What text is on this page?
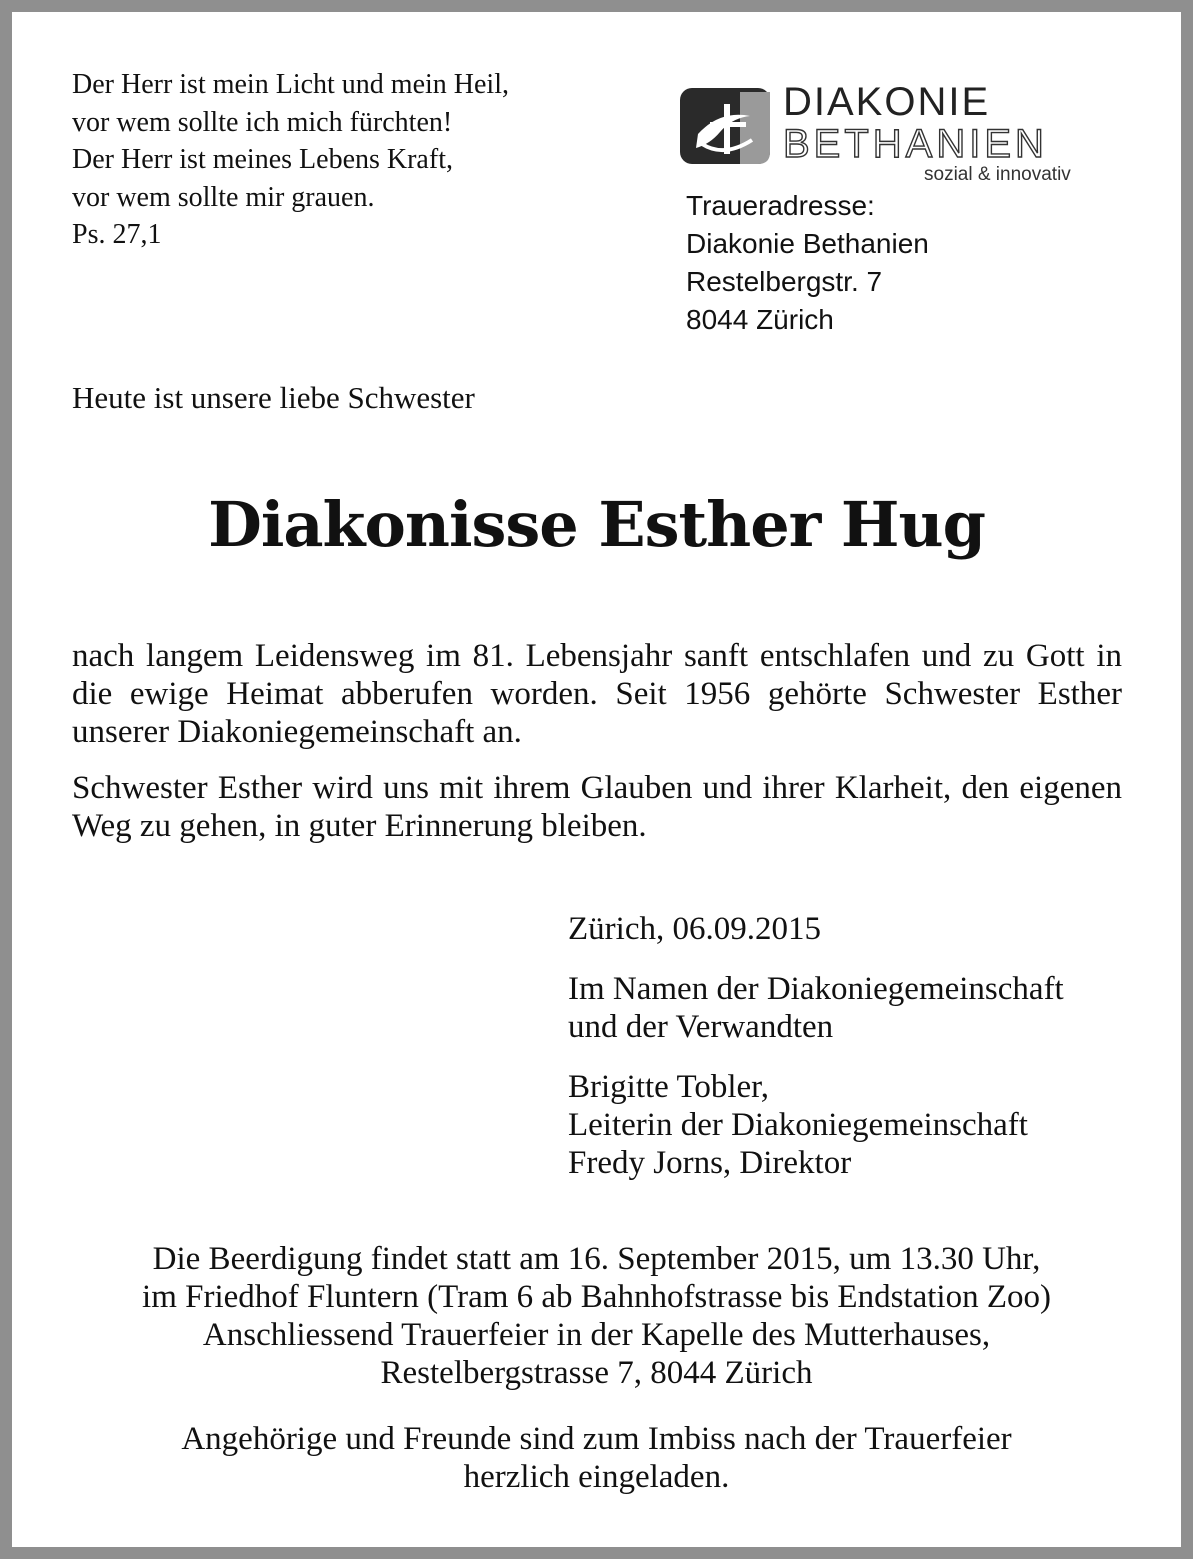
Der Herr ist mein Licht und mein Heil,
vor wem sollte ich mich fürchten!
Der Herr ist meines Lebens Kraft,
vor wem sollte mir grauen.
Ps. 27,1
DIAKONIE
BETHANIEN
sozial & innovativ
Traueradresse:
Diakonie Bethanien
Restelbergstr. 7
8044 Zürich
Heute ist unsere liebe Schwester
Diakonisse Esther Hug
nach langem Leidensweg im 81. Lebensjahr sanft entschlafen und zu Gott in die ewige Heimat abberufen worden. Seit 1956 gehörte Schwester Esther unserer Diakoniegemeinschaft an.
Schwester Esther wird uns mit ihrem Glauben und ihrer Klarheit, den eigenen Weg zu gehen, in guter Erinnerung bleiben.
Zürich, 06.09.2015
Im Namen der Diakoniegemeinschaft
und der Verwandten
Brigitte Tobler,
Leiterin der Diakoniegemeinschaft
Fredy Jorns, Direktor
Die Beerdigung findet statt am 16. September 2015, um 13.30 Uhr,
im Friedhof Fluntern (Tram 6 ab Bahnhofstrasse bis Endstation Zoo)
Anschliessend Trauerfeier in der Kapelle des Mutterhauses,
Restelbergstrasse 7, 8044 Zürich
Angehörige und Freunde sind zum Imbiss nach der Trauerfeier
herzlich eingeladen.
